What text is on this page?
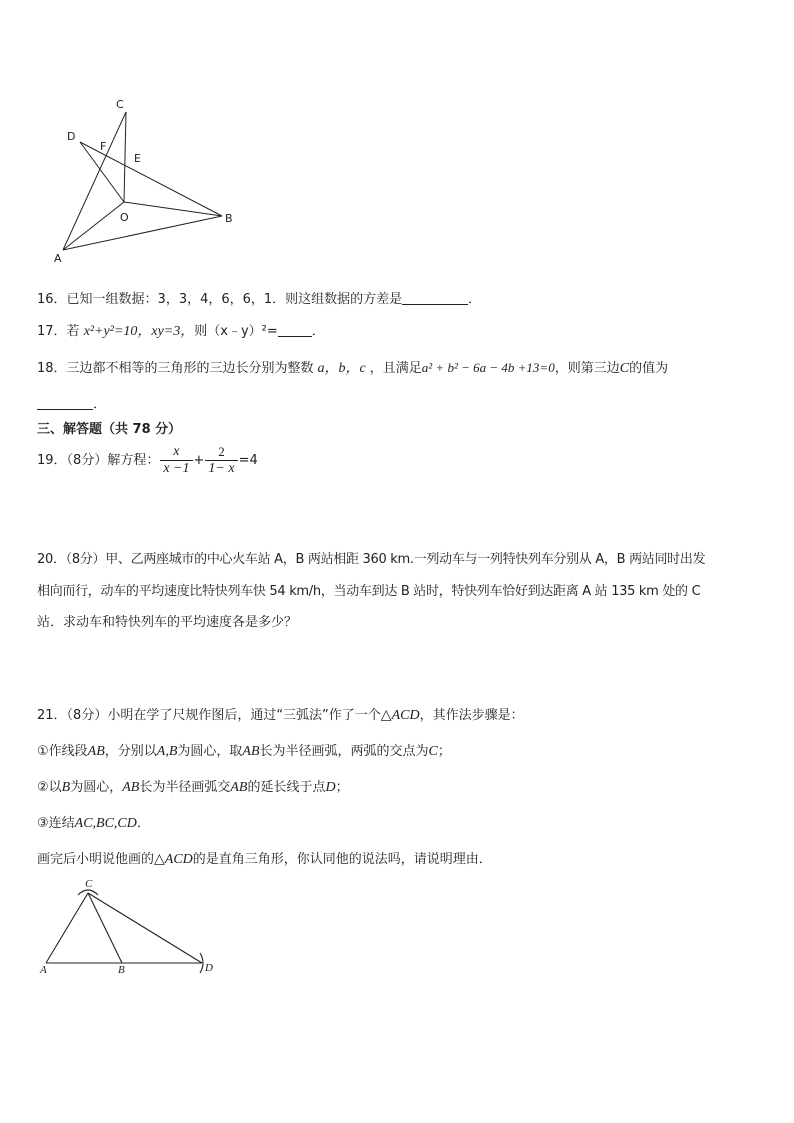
C
D
F
E
O	B
A
16．已知一组数据：3，3，4，6，6，1．则这组数据的方差是	．
17．若 x²+y²=10，xy=3，则（x﹣y）²=	．
18．三边都不相等的三角形的三边长分别为整数 a，b，c ，且满足a² + b² − 6a − 4b +13=0，则第三边C的值为
．
三、解答题（共 78 分）
19．（8分）解方程： $\frac{x}{x -1} + \frac{2}{1- x} =4$
20．（8分）甲、乙两座城市的中心火车站 A，B 两站相距 360 km.一列动车与一列特快列车分别从 A，B 两站同时出发
相向而行，动车的平均速度比特快列车快 54 km/h，当动车到达 B 站时，特快列车恰好到达距离 A 站 135 km 处的 C
站．求动车和特快列车的平均速度各是多少？
21．（8分）小明在学了尺规作图后，通过“三弧法”作了一个△ACD，其作法步骤是：
①作线段AB，分别以A,B为圆心，取AB长为半径画弧，两弧的交点为C；
②以B为圆心，AB长为半径画弧交AB的延长线于点D；
③连结AC,BC,CD．
画完后小明说他画的△ACD的是直角三角形，你认同他的说法吗，请说明理由．
C
A	B	D
